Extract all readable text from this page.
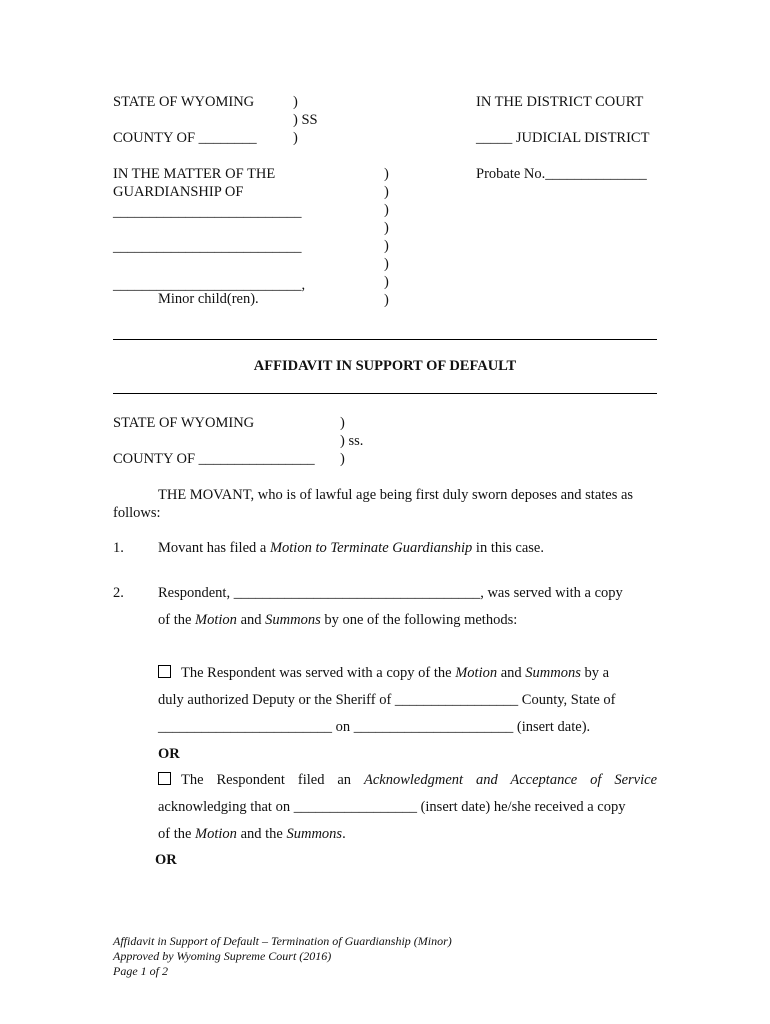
STATE OF WYOMING	)
) SS
)
COUNTY OF ________
IN THE DISTRICT COURT
_____ JUDICIAL DISTRICT
IN THE MATTER OF THE
GUARDIANSHIP OF
__________________________
__________________________
__________________________,
Minor child(ren).
Probate No.______________
)
)
)
)
)
)
)
)
AFFIDAVIT IN SUPPORT OF DEFAULT
STATE OF WYOMING	)
) ss.
COUNTY OF ________________ )
THE MOVANT, who is of lawful age being first duly sworn deposes and states as
follows:
1. Movant has filed a Motion to Terminate Guardianship in this case.
2. Respondent, __________________________________, was served with a copy
of the Motion and Summons by one of the following methods:
The Respondent was served with a copy of the Motion and Summons by a
duly authorized Deputy or the Sheriff of _________________ County, State of
________________________ on ______________________ (insert date).
OR
The Respondent filed an Acknowledgment and Acceptance of Service
acknowledging that on _________________ (insert date) he/she received a copy
of the Motion and the Summons.
OR
Affidavit in Support of Default – Termination of Guardianship (Minor)
Approved by Wyoming Supreme Court (2016)
Page 1 of 2
